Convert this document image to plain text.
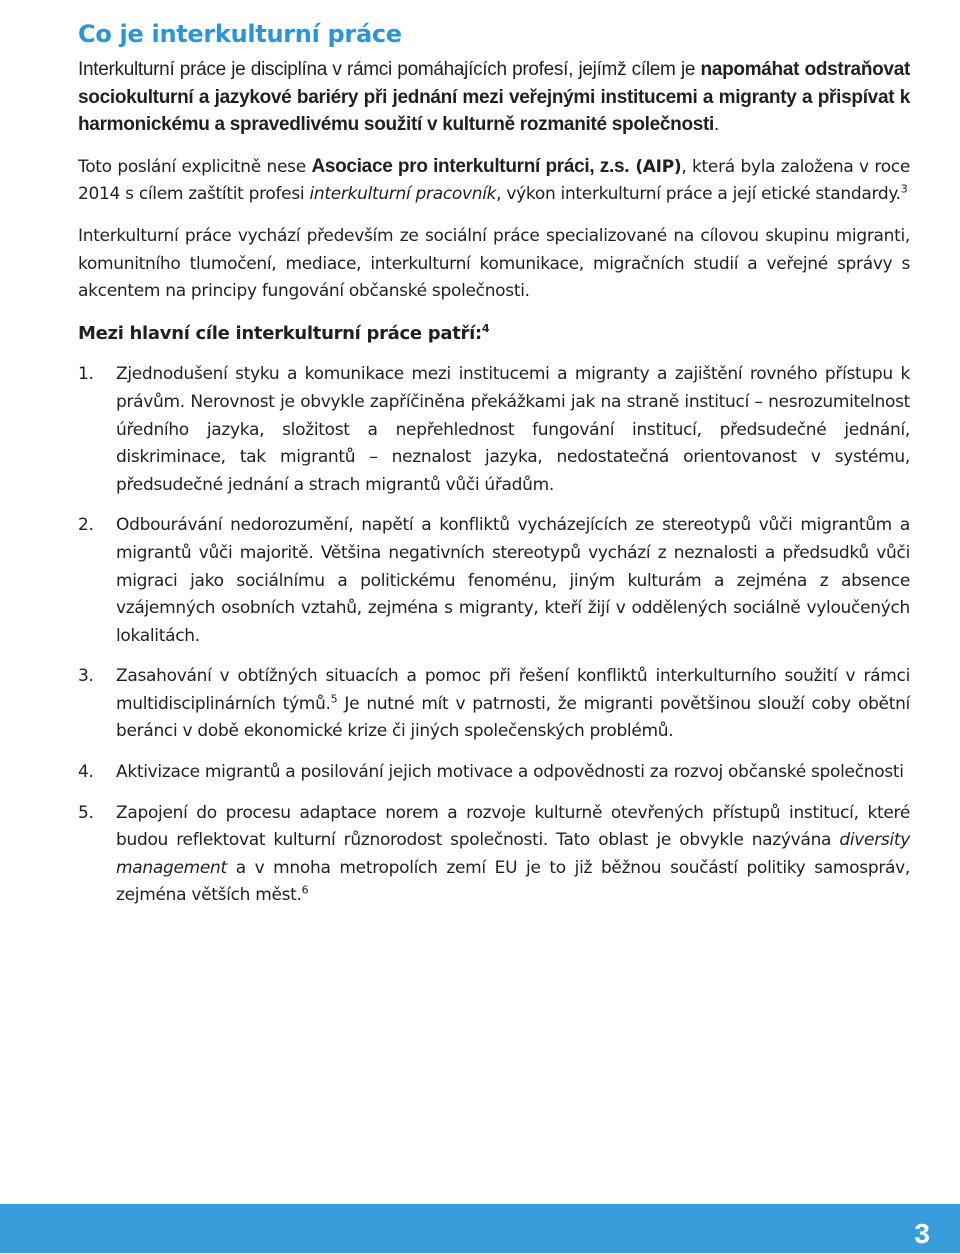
Co je interkulturní práce

Interkulturní práce je disciplína v rámci pomáhajících profesí, jejímž cílem je napomáhat odstraňovat sociokulturní a jazykové bariéry při jednání mezi veřejnými institucemi a migranty a přispívat k harmonickému a spravedlivému soužití v kulturně rozmanité společnosti.

Toto poslání explicitně nese Asociace pro interkulturní práci, z.s. (AIP), která byla založena v roce 2014 s cílem zaštítit profesi interkulturní pracovník, výkon interkulturní práce a její etické standardy.$^3$

Interkulturní práce vychází především ze sociální práce specializované na cílovou skupinu migranti, komunitního tlumočení, mediace, interkulturní komunikace, migračních studií a veřejné správy s akcentem na principy fungování občanské společnosti.

Mezi hlavní cíle interkulturní práce patří:$^4$

1.	Zjednodušení styku a komunikace mezi institucemi a migranty a zajištění rovného přístupu k právům. Nerovnost je obvykle zapříčiněna překážkami jak na straně institucí – nesrozumitelnost úředního jazyka, složitost a nepřehlednost fungování institucí, předsudečné jednání, diskriminace, tak migrantů – neznalost jazyka, nedostatečná orientovanost v systému, předsudečné jednání a strach migrantů vůči úřadům.
2.	Odbourávání nedorozumění, napětí a konfliktů vycházejících ze stereotypů vůči migrantům a migrantů vůči majoritě. Většina negativních stereotypů vychází z neznalosti a předsudků vůči migraci jako sociálnímu a politickému fenoménu, jiným kulturám a zejména z absence vzájemných osobních vztahů, zejména s migranty, kteří žijí v oddělených sociálně vyloučených lokalitách.
3.	Zasahování v obtížných situacích a pomoc při řešení konfliktů interkulturního soužití v rámci multidisciplinárních týmů.$^5$ Je nutné mít v patrnosti, že migranti povětšinou slouží coby obětní beránci v době ekonomické krize či jiných společenských problémů.
4.	Aktivizace migrantů a posilování jejich motivace a odpovědnosti za rozvoj občanské společnosti
5.	Zapojení do procesu adaptace norem a rozvoje kulturně otevřených přístupů institucí, které budou reflektovat kulturní různorodost společnosti. Tato oblast je obvykle nazývána diversity management a v mnoha metropolích zemí EU je to již běžnou součástí politiky samospráv, zejména větších měst.$^6$
3
